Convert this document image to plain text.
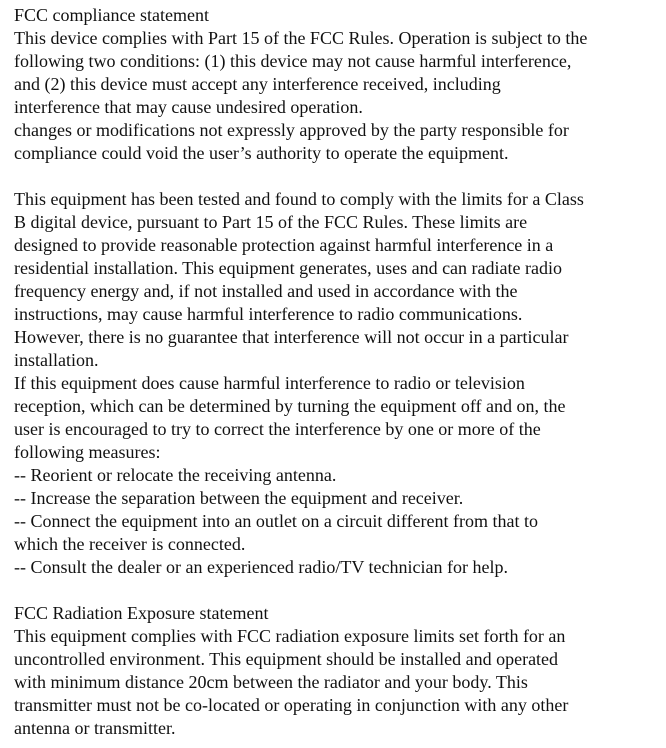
FCC compliance statement
This device complies with Part 15 of the FCC Rules. Operation is subject to the
following two conditions: (1) this device may not cause harmful interference,
and (2) this device must accept any interference received, including
interference that may cause undesired operation.
changes or modifications not expressly approved by the party responsible for
compliance could void the user’s authority to operate the equipment.
This equipment has been tested and found to comply with the limits for a Class
B digital device, pursuant to Part 15 of the FCC Rules. These limits are
designed to provide reasonable protection against harmful interference in a
residential installation. This equipment generates, uses and can radiate radio
frequency energy and, if not installed and used in accordance with the
instructions, may cause harmful interference to radio communications.
However, there is no guarantee that interference will not occur in a particular
installation.
If this equipment does cause harmful interference to radio or television
reception, which can be determined by turning the equipment off and on, the
user is encouraged to try to correct the interference by one or more of the
following measures:
-- Reorient or relocate the receiving antenna.
-- Increase the separation between the equipment and receiver.
-- Connect the equipment into an outlet on a circuit different from that to
which the receiver is connected.
-- Consult the dealer or an experienced radio/TV technician for help.
FCC Radiation Exposure statement
This equipment complies with FCC radiation exposure limits set forth for an
uncontrolled environment. This equipment should be installed and operated
with minimum distance 20cm between the radiator and your body. This
transmitter must not be co-located or operating in conjunction with any other
antenna or transmitter.
